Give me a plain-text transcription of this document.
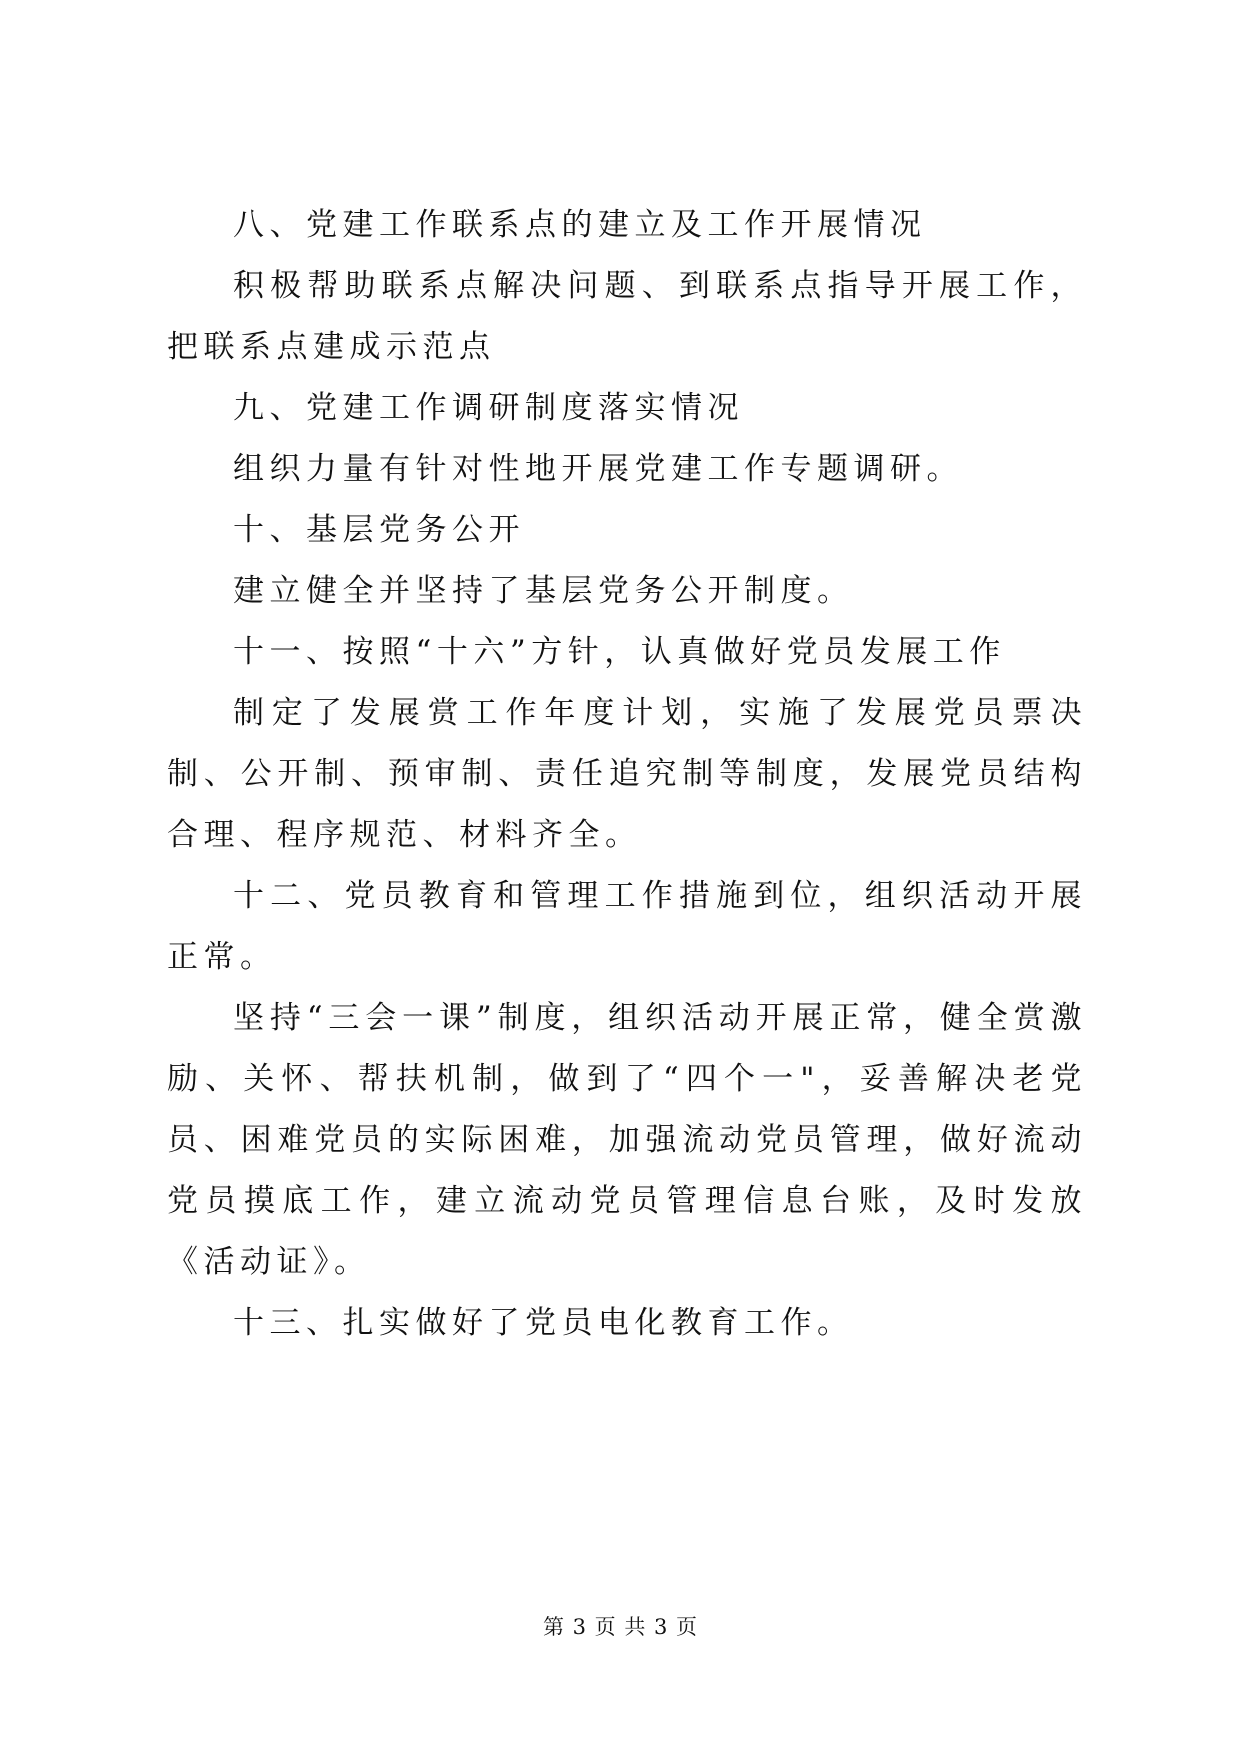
八、党建工作联系点的建立及工作开展情况

积极帮助联系点解决问题、到联系点指导开展工作，把联系点建成示范点

九、党建工作调研制度落实情况

组织力量有针对性地开展党建工作专题调研。

十、基层党务公开

建立健全并坚持了基层党务公开制度。

十一、按照“十六”方针，认真做好党员发展工作

制定了发展赏工作年度计划，实施了发展党员票决制、公开制、预审制、责任追究制等制度，发展党员结构合理、程序规范、材料齐全。

十二、党员教育和管理工作措施到位，组织活动开展正常。

坚持“三会一课”制度，组织活动开展正常，健全赏激励、关怀、帮扶机制，做到了“四个一"，妥善解决老党员、困难党员的实际困难，加强流动党员管理，做好流动党员摸底工作，建立流动党员管理信息台账，及时发放《活动证》。

十三、扎实做好了党员电化教育工作。

第 3 页 共 3 页
